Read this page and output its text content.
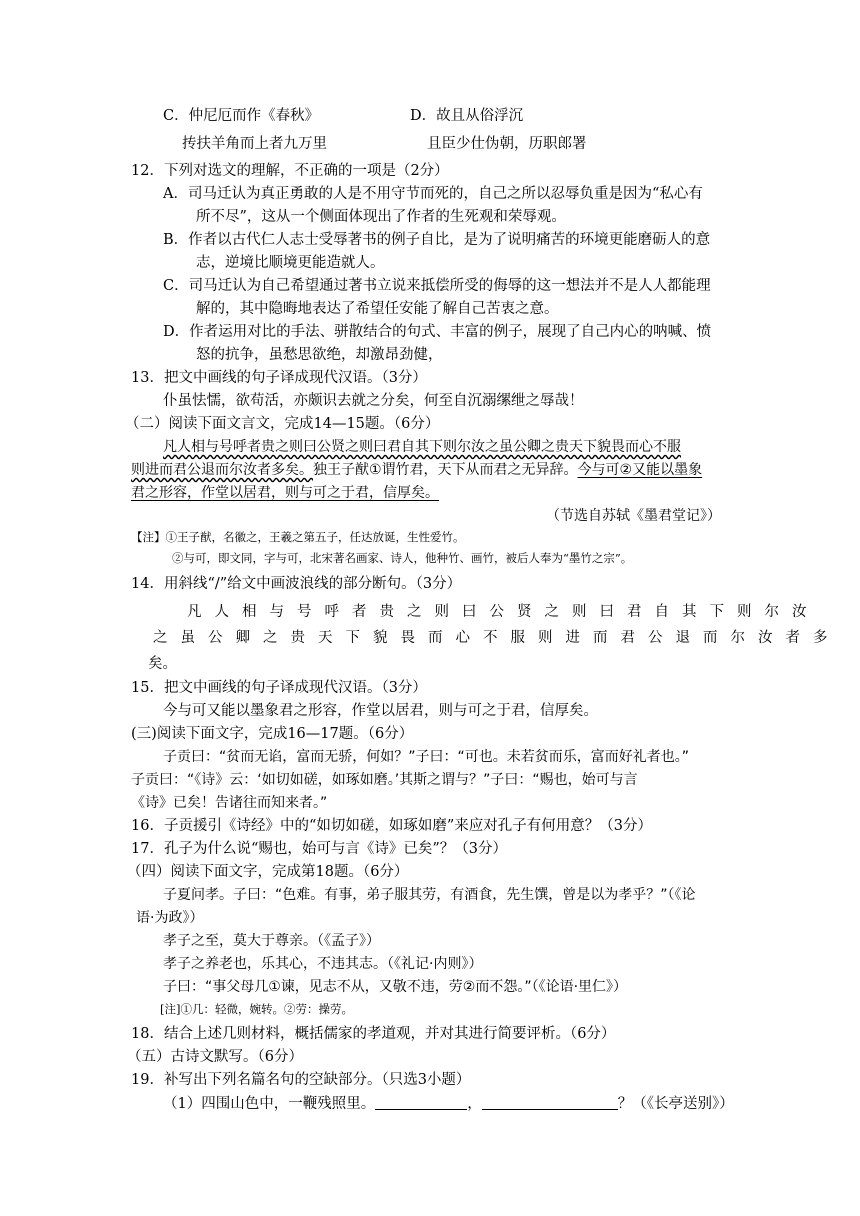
C．仲尼厄而作《春秋》	D．故且从俗浮沉
抟扶羊角而上者九万里	且臣少仕伪朝，历职郎署
12．下列对选文的理解，不正确的一项是（2分）
A．司马迁认为真正勇敢的人是不用守节而死的，自己之所以忍辱负重是因为“私心有
所不尽”，这从一个侧面体现出了作者的生死观和荣辱观。
B．作者以古代仁人志士受辱著书的例子自比，是为了说明痛苦的环境更能磨砺人的意
志，逆境比顺境更能造就人。
C．司马迁认为自己希望通过著书立说来抵偿所受的侮辱的这一想法并不是人人都能理
解的，其中隐晦地表达了希望任安能了解自己苦衷之意。
D．作者运用对比的手法、骈散结合的句式、丰富的例子，展现了自己内心的呐喊、愤
怒的抗争，虽愁思欲绝，却激昂劲健，
13．把文中画线的句子译成现代汉语。（3分）
仆虽怯懦，欲苟活，亦颇识去就之分矣，何至自沉溺缧绁之辱哉！
（二）阅读下面文言文，完成14—15题。（6分）
凡人相与号呼者贵之则曰公贤之则曰君自其下则尔汝之虽公卿之贵天下貌畏而心不服
则进而君公退而尔汝者多矣。独王子猷①谓竹君，天下从而君之无异辞。今与可②又能以墨象
君之形容，作堂以居君，则与可之于君，信厚矣。
（节选自苏轼《墨君堂记》）
【注】①王子猷，名徽之，王羲之第五子，任达放诞，生性爱竹。
②与可，即文同，字与可，北宋著名画家、诗人，他种竹、画竹，被后人奉为“墨竹之宗”。
14．用斜线“/”给文中画波浪线的部分断句。（3分）
凡人相与号呼者贵之则曰公贤之则曰君自其下则尔汝
之虽公卿之贵天下貌畏而心不服则进而君公退而尔汝者多
矣。
15．把文中画线的句子译成现代汉语。（3分）
今与可又能以墨象君之形容，作堂以居君，则与可之于君，信厚矣。
(三)阅读下面文字，完成16—17题。（6分）
子贡曰：“贫而无谄，富而无骄，何如？”子曰：“可也。未若贫而乐，富而好礼者也。”
子贡曰：“《诗》云：‘如切如磋，如琢如磨。’其斯之谓与？”子曰：“赐也，始可与言
《诗》已矣！告诸往而知来者。”
16．子贡援引《诗经》中的“如切如磋，如琢如磨”来应对孔子有何用意？（3分）
17．孔子为什么说“赐也，始可与言《诗》已矣”？（3分）
（四）阅读下面文字，完成第18题。（6分）
子夏问孝。子曰：“色难。有事，弟子服其劳，有酒食，先生馔，曾是以为孝乎？”（《论
语·为政》）
孝子之至，莫大于尊亲。（《孟子》）
孝子之养老也，乐其心，不违其志。（《礼记·内则》）
子曰：“事父母几①谏，见志不从，又敬不违，劳②而不怨。”（《论语·里仁》）
[注]①几：轻微，婉转。②劳：操劳。
18．结合上述几则材料，概括儒家的孝道观，并对其进行简要评析。（6分）
（五）古诗文默写。（6分）
19．补写出下列名篇名句的空缺部分。（只选3小题）
（1）四围山色中，一鞭残照里。	，	？（《长亭送别》）
